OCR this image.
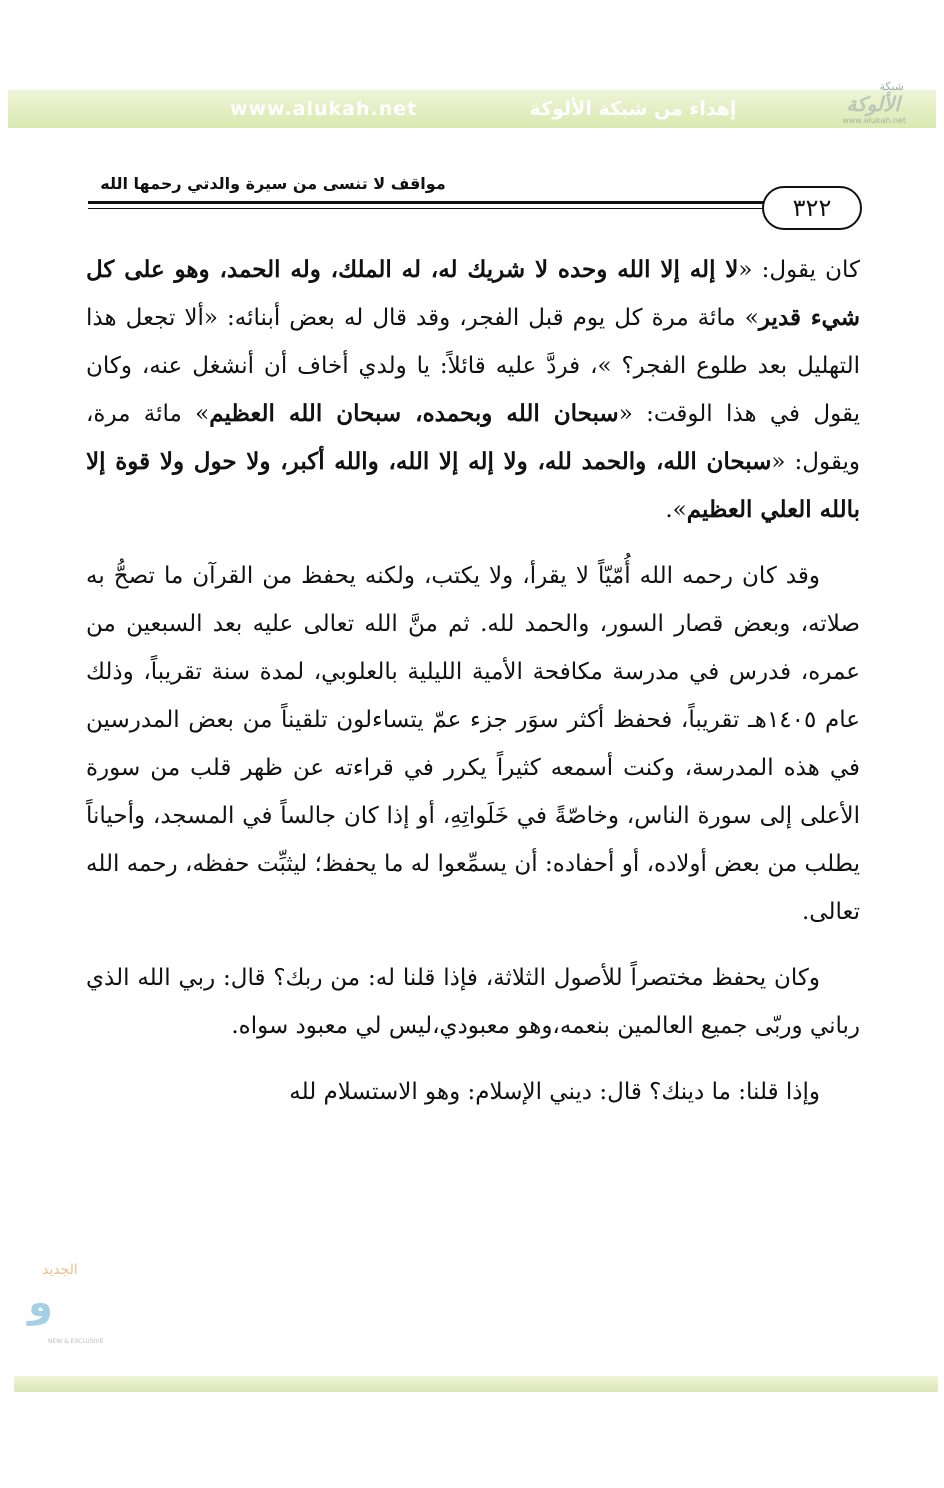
www.alukah.net	إهداء من شبكة الألوكة
شبكة
الألوكة
www.alukah.net
مواقف لا تنسى من سيرة والدتي رحمها الله
٣٢٢

كان يقول: «لا إله إلا الله وحده لا شريك له، له الملك، وله الحمد، وهو على كل شيء قدير» مائة مرة كل يوم قبل الفجر، وقد قال له بعض أبنائه: «ألا تجعل هذا التهليل بعد طلوع الفجر؟ »، فردَّ عليه قائلاً: يا ولدي أخاف أن أنشغل عنه، وكان يقول في هذا الوقت: «سبحان الله وبحمده، سبحان الله العظيم» مائة مرة، ويقول: «سبحان الله، والحمد لله، ولا إله إلا الله، والله أكبر، ولا حول ولا قوة إلا بالله العلي العظيم».

وقد كان رحمه الله أُمّيّاً لا يقرأ، ولا يكتب، ولكنه يحفظ من القرآن ما تصحُّ به صلاته، وبعض قصار السور، والحمد لله. ثم منَّ الله تعالى عليه بعد السبعين من عمره، فدرس في مدرسة مكافحة الأمية الليلية بالعلوبي، لمدة سنة تقريباً، وذلك عام ١٤٠٥هـ تقريباً، فحفظ أكثر سوَر جزء عمّ يتساءلون تلقيناً من بعض المدرسين في هذه المدرسة، وكنت أسمعه كثيراً يكرر في قراءته عن ظهر قلب من سورة الأعلى إلى سورة الناس، وخاصّةً في خَلَواتِهِ، أو إذا كان جالساً في المسجد، وأحياناً يطلب من بعض أولاده، أو أحفاده: أن يسمِّعوا له ما يحفظ؛ ليثبِّت حفظه، رحمه الله تعالى.

وكان يحفظ مختصراً للأصول الثلاثة، فإذا قلنا له: من ربك؟ قال: ربي الله الذي رباني وربّى جميع العالمين بنعمه،وهو معبودي،ليس لي معبود سواه.

وإذا قلنا: ما دينك؟ قال: ديني الإسلام: وهو الاستسلام لله

الجديد
و
NEW & EXCLUSIVE
